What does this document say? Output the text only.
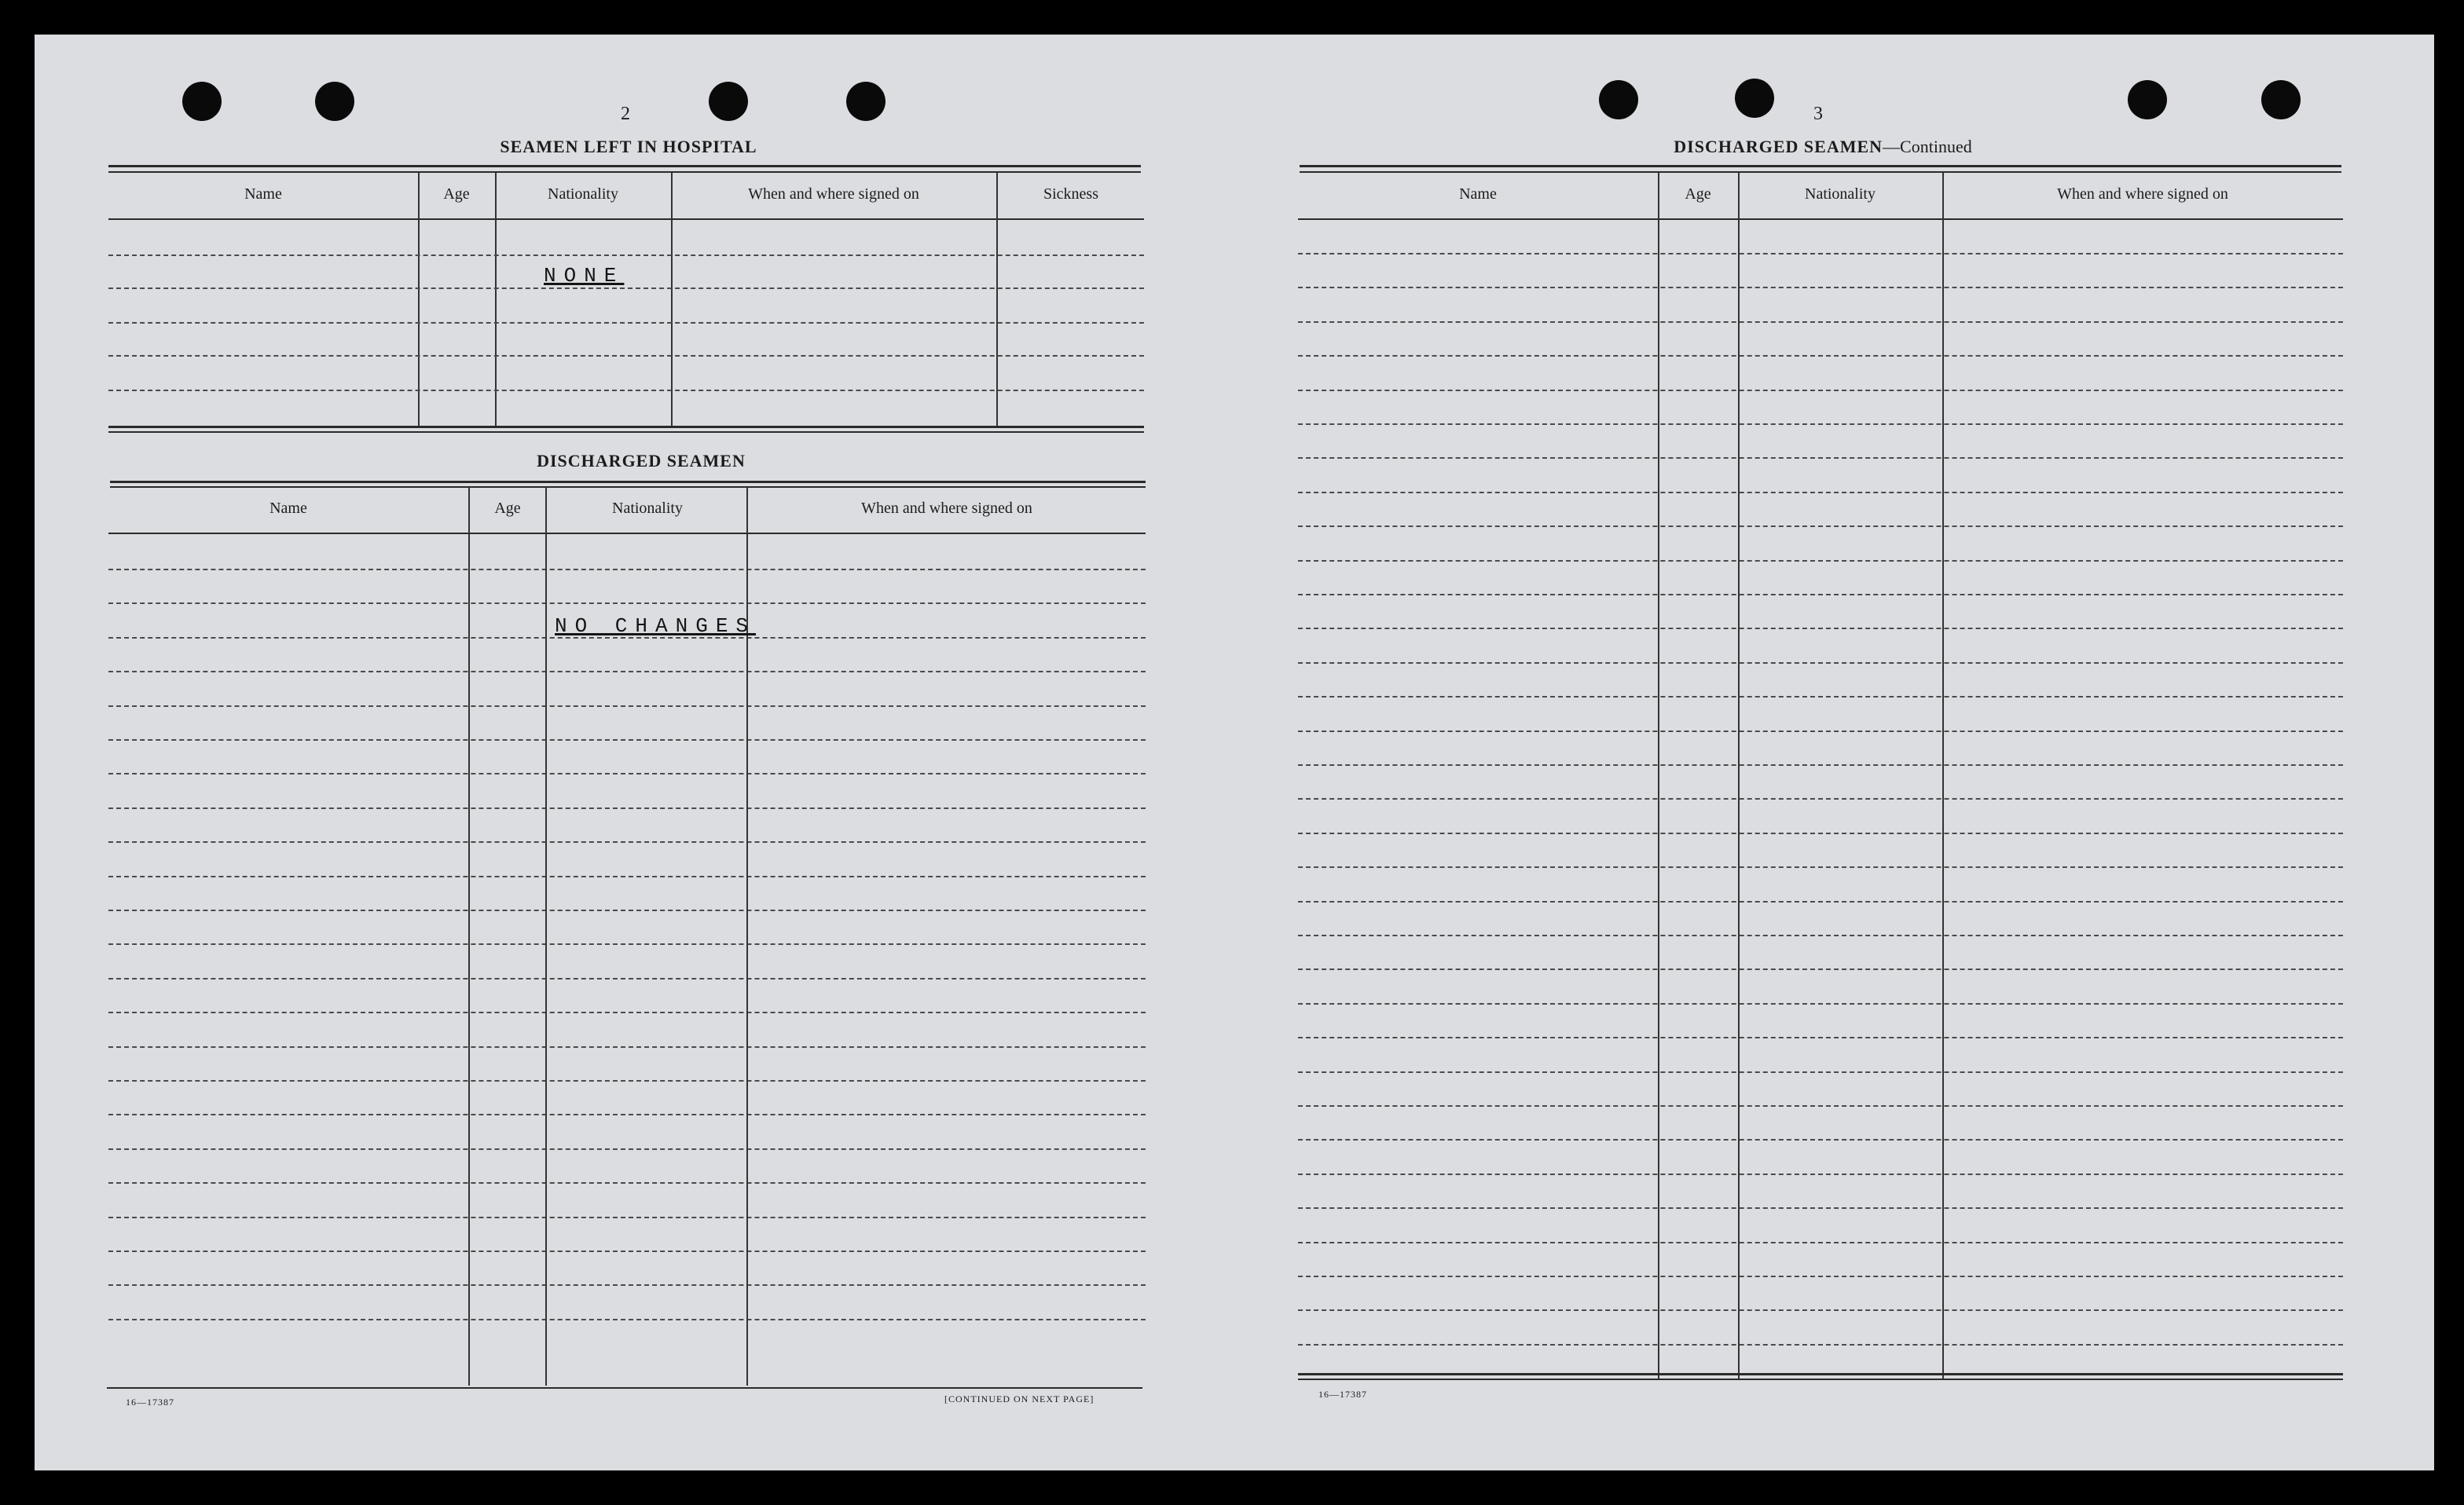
2
SEAMEN LEFT IN HOSPITAL
Name	Age	Nationality	When and where signed on	Sickness
NONE
DISCHARGED SEAMEN
Name	Age	Nationality	When and where signed on
NO CHANGES
16—17387	[CONTINUED ON NEXT PAGE]
3
DISCHARGED SEAMEN—Continued
Name	Age	Nationality	When and where signed on
16—17387
